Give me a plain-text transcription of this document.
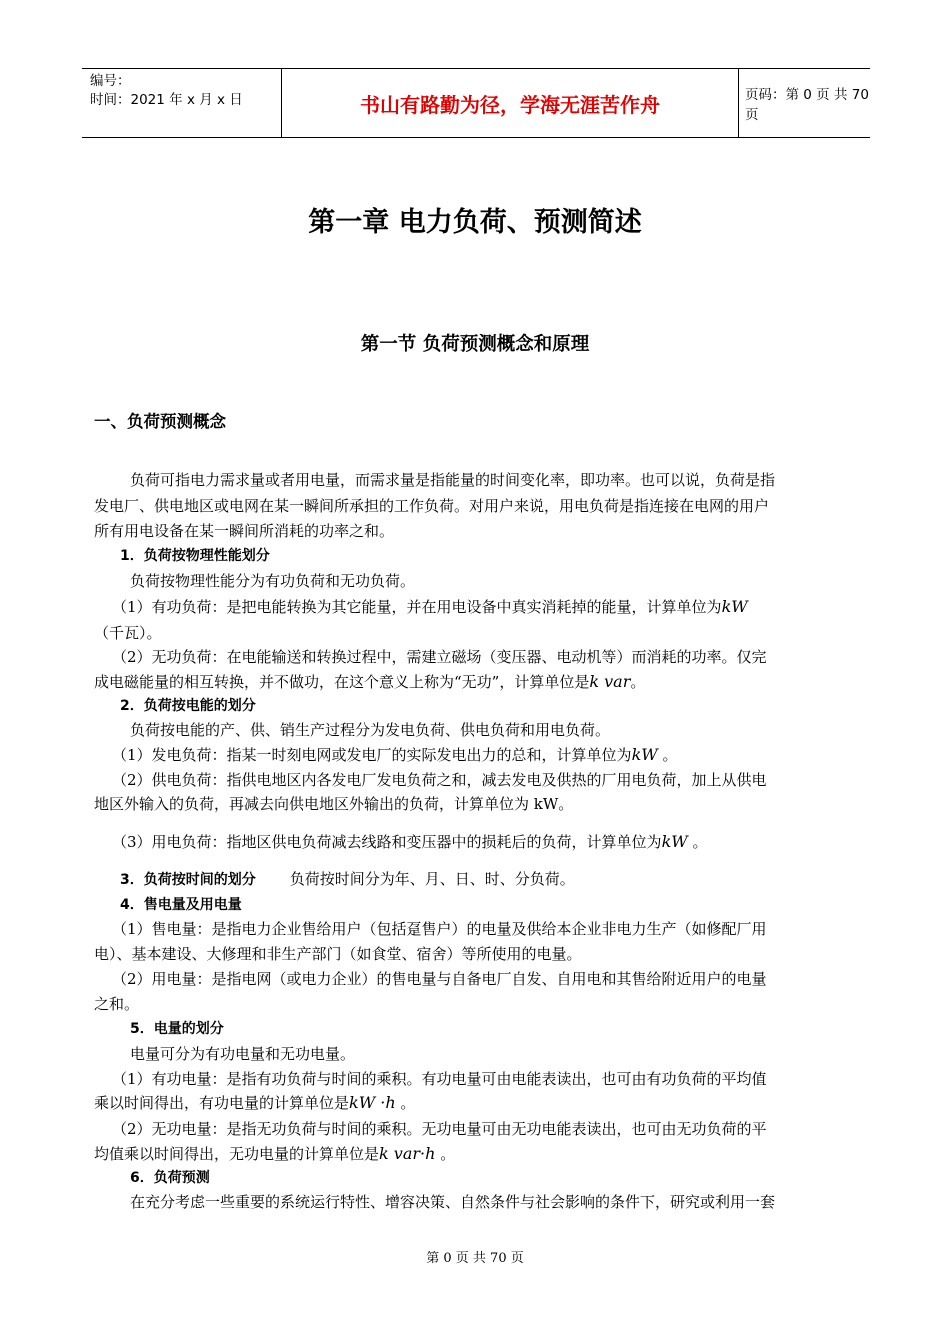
编号：
时间：2021 年 x 月 x 日	书山有路勤为径，学海无涯苦作舟	页码：第 0 页 共 70 页
第一章 电力负荷、预测简述
第一节 负荷预测概念和原理
一、负荷预测概念
负荷可指电力需求量或者用电量，而需求量是指能量的时间变化率，即功率。也可以说，负荷是指
发电厂、供电地区或电网在某一瞬间所承担的工作负荷。对用户来说，用电负荷是指连接在电网的用户
所有用电设备在某一瞬间所消耗的功率之和。
1．负荷按物理性能划分
负荷按物理性能分为有功负荷和无功负荷。
（1）有功负荷：是把电能转换为其它能量，并在用电设备中真实消耗掉的能量，计算单位为kW
（千瓦）。
（2）无功负荷：在电能输送和转换过程中，需建立磁场（变压器、电动机等）而消耗的功率。仅完
成电磁能量的相互转换，并不做功，在这个意义上称为“无功”，计算单位是k var。
2．负荷按电能的划分
负荷按电能的产、供、销生产过程分为发电负荷、供电负荷和用电负荷。
（1）发电负荷：指某一时刻电网或发电厂的实际发电出力的总和，计算单位为kW 。
（2）供电负荷：指供电地区内各发电厂发电负荷之和，减去发电及供热的厂用电负荷，加上从供电
地区外输入的负荷，再减去向供电地区外输出的负荷，计算单位为 kW。
（3）用电负荷：指地区供电负荷减去线路和变压器中的损耗后的负荷，计算单位为kW 。
3．负荷按时间的划分 负荷按时间分为年、月、日、时、分负荷。
4．售电量及用电量
（1）售电量：是指电力企业售给用户（包括趸售户）的电量及供给本企业非电力生产（如修配厂用
电）、基本建设、大修理和非生产部门（如食堂、宿舍）等所使用的电量。
（2）用电量：是指电网（或电力企业）的售电量与自备电厂自发、自用电和其售给附近用户的电量
之和。
5．电量的划分
电量可分为有功电量和无功电量。
（1）有功电量：是指有功负荷与时间的乘积。有功电量可由电能表读出，也可由有功负荷的平均值
乘以时间得出，有功电量的计算单位是kW ·h 。
（2）无功电量：是指无功负荷与时间的乘积。无功电量可由无功电能表读出，也可由无功负荷的平
均值乘以时间得出，无功电量的计算单位是k var·h 。
6．负荷预测
在充分考虑一些重要的系统运行特性、增容决策、自然条件与社会影响的条件下，研究或利用一套
第 0 页 共 70 页
